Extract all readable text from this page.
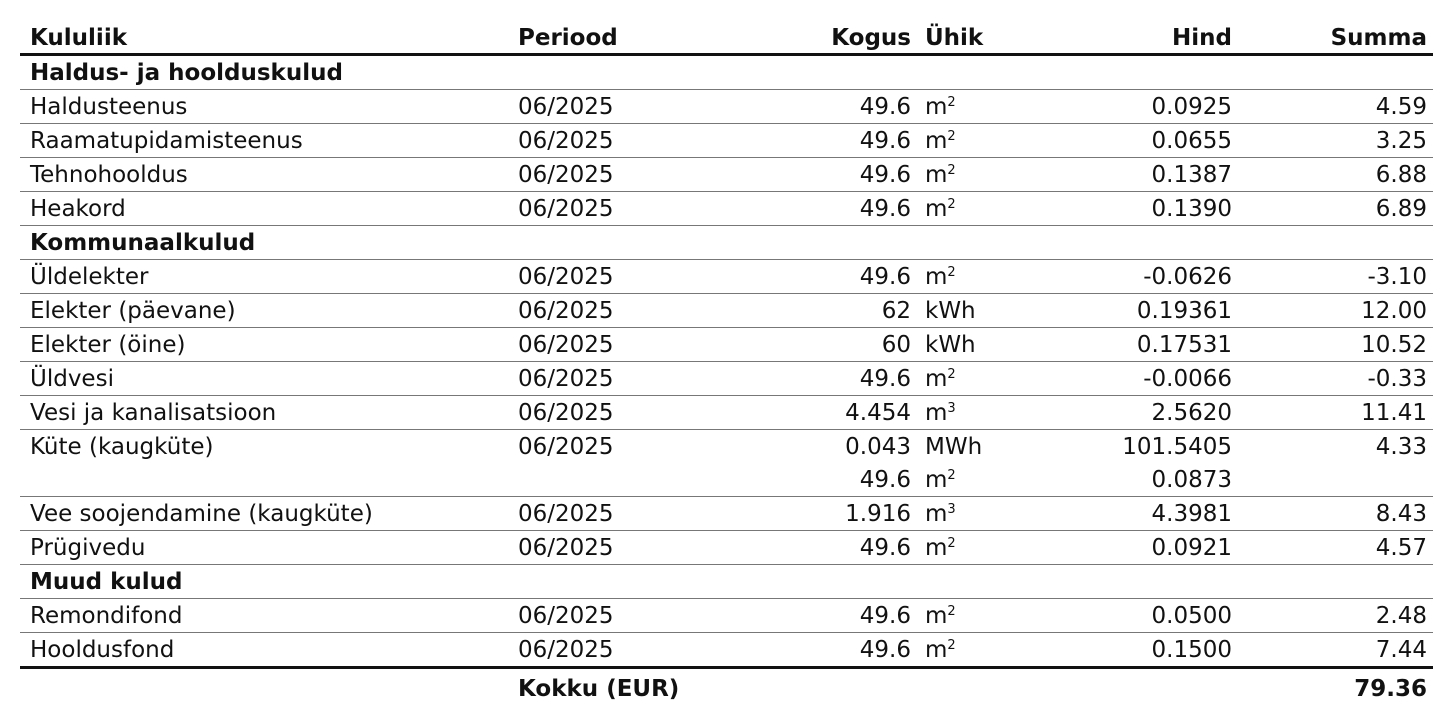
Kululiik	Periood	Kogus	Ühik	Hind	Summa
Haldus- ja hoolduskulud					
Haldusteenus	06/2025	49.6	$m^2$	0.0925	4.59
Raamatupidamisteenus	06/2025	49.6	$m^2$	0.0655	3.25
Tehnohooldus	06/2025	49.6	$m^2$	0.1387	6.88
Heakord	06/2025	49.6	$m^2$	0.1390	6.89
Kommunaalkulud					
Üldelekter	06/2025	49.6	$m^2$	-0.0626	-3.10
Elekter (päevane)	06/2025	62	kWh	0.19361	12.00
Elekter (öine)	06/2025	60	kWh	0.17531	10.52
Üldvesi	06/2025	49.6	$m^2$	-0.0066	-0.33
Vesi ja kanalisatsioon	06/2025	4.454	$m^3$	2.5620	11.41
Küte (kaugküte)	06/2025	0.043	MWh	101.5405	4.33
		49.6	$m^2$	0.0873	
Vee soojendamine (kaugküte)	06/2025	1.916	$m^3$	4.3981	8.43
Prügivedu	06/2025	49.6	$m^2$	0.0921	4.57
Muud kulud					
Remondifond	06/2025	49.6	$m^2$	0.0500	2.48
Hooldusfond	06/2025	49.6	$m^2$	0.1500	7.44
	Kokku (EUR)				79.36
